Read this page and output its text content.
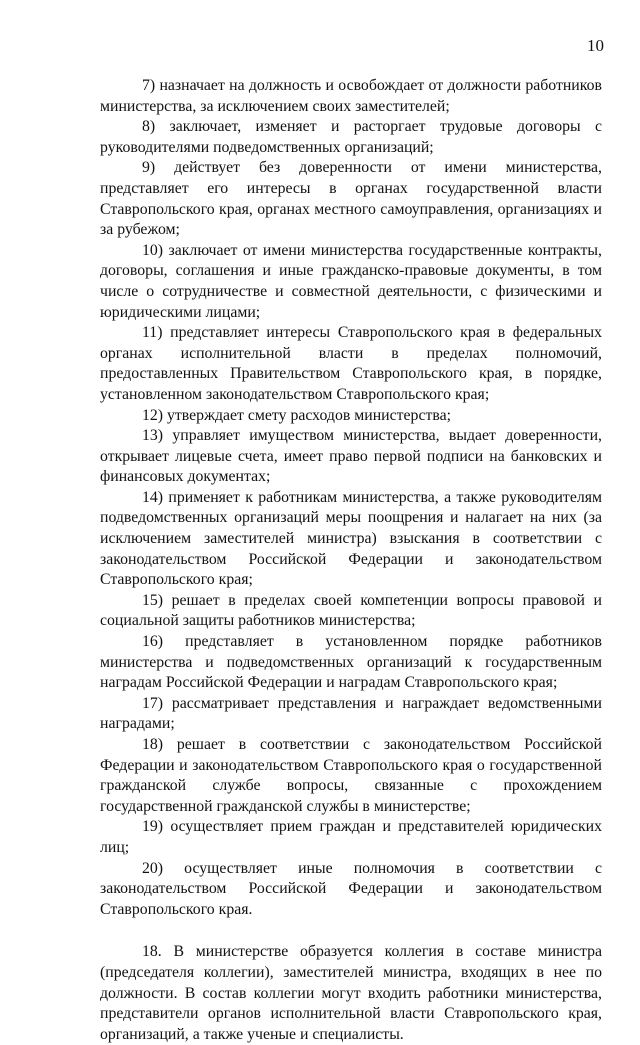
10

7) назначает на должность и освобождает от должности работников министерства, за исключением своих заместителей;

8) заключает, изменяет и расторгает трудовые договоры с руководителями подведомственных организаций;

9) действует без доверенности от имени министерства, представляет его интересы в органах государственной власти Ставропольского края, органах местного самоуправления, организациях и за рубежом;

10) заключает от имени министерства государственные контракты, договоры, соглашения и иные гражданско-правовые документы, в том числе о сотрудничестве и совместной деятельности, с физическими и юридическими лицами;

11) представляет интересы Ставропольского края в федеральных органах исполнительной власти в пределах полномочий, предоставленных Правительством Ставропольского края, в порядке, установленном законодательством Ставропольского края;

12) утверждает смету расходов министерства;

13) управляет имуществом министерства, выдает доверенности, открывает лицевые счета, имеет право первой подписи на банковских и финансовых документах;

14) применяет к работникам министерства, а также руководителям подведомственных организаций меры поощрения и налагает на них (за исключением заместителей министра) взыскания в соответствии с законодательством Российской Федерации и законодательством Ставропольского края;

15) решает в пределах своей компетенции вопросы правовой и социальной защиты работников министерства;

16) представляет в установленном порядке работников министерства и подведомственных организаций к государственным наградам Российской Федерации и наградам Ставропольского края;

17) рассматривает представления и награждает ведомственными наградами;

18) решает в соответствии с законодательством Российской Федерации и законодательством Ставропольского края о государственной гражданской службе вопросы, связанные с прохождением государственной гражданской службы в министерстве;

19) осуществляет прием граждан и представителей юридических лиц;

20) осуществляет иные полномочия в соответствии с законодательством Российской Федерации и законодательством Ставропольского края.

18. В министерстве образуется коллегия в составе министра (председателя коллегии), заместителей министра, входящих в нее по должности. В состав коллегии могут входить работники министерства, представители органов исполнительной власти Ставропольского края, организаций, а также ученые и специалисты.
